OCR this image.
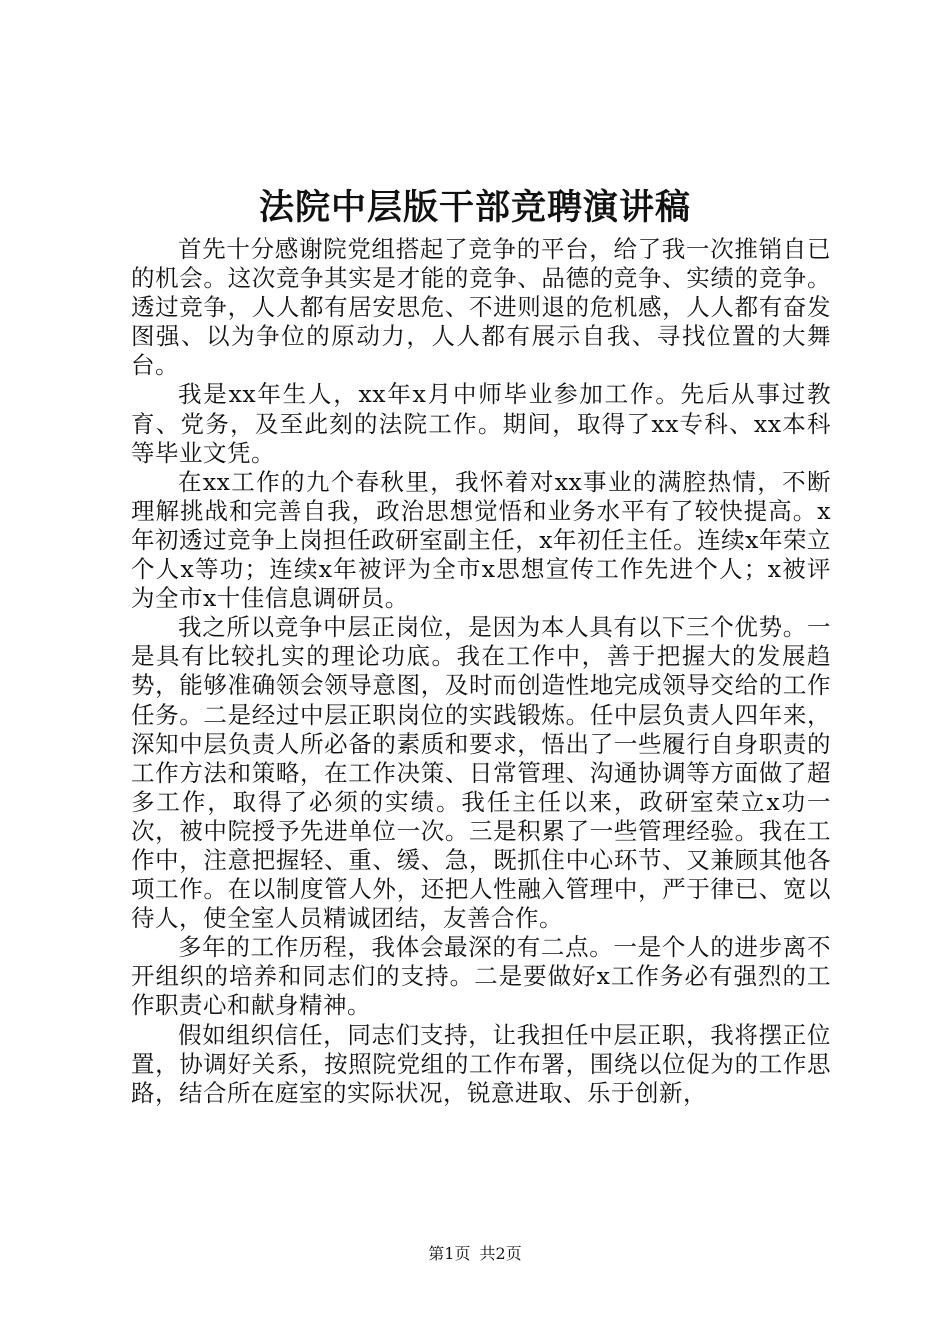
法院中层版干部竞聘演讲稿

首先十分感谢院党组搭起了竞争的平台，给了我一次推销自已的机会。这次竞争其实是才能的竞争、品德的竞争、实绩的竞争。透过竞争，人人都有居安思危、不进则退的危机感，人人都有奋发图强、以为争位的原动力，人人都有展示自我、寻找位置的大舞台。

我是xx年生人，xx年x月中师毕业参加工作。先后从事过教育、党务，及至此刻的法院工作。期间，取得了xx专科、xx本科等毕业文凭。

在xx工作的九个春秋里，我怀着对xx事业的满腔热情，不断理解挑战和完善自我，政治思想觉悟和业务水平有了较快提高。x年初透过竞争上岗担任政研室副主任，x年初任主任。连续x年荣立个人x等功；连续x年被评为全市x思想宣传工作先进个人；x被评为全市x十佳信息调研员。

我之所以竞争中层正岗位，是因为本人具有以下三个优势。一是具有比较扎实的理论功底。我在工作中，善于把握大的发展趋势，能够准确领会领导意图，及时而创造性地完成领导交给的工作任务。二是经过中层正职岗位的实践锻炼。任中层负责人四年来，深知中层负责人所必备的素质和要求，悟出了一些履行自身职责的工作方法和策略，在工作决策、日常管理、沟通协调等方面做了超多工作，取得了必须的实绩。我任主任以来，政研室荣立x功一次，被中院授予先进单位一次。三是积累了一些管理经验。我在工作中，注意把握轻、重、缓、急，既抓住中心环节、又兼顾其他各项工作。在以制度管人外，还把人性融入管理中，严于律已、宽以待人，使全室人员精诚团结，友善合作。

多年的工作历程，我体会最深的有二点。一是个人的进步离不开组织的培养和同志们的支持。二是要做好x工作务必有强烈的工作职责心和献身精神。

假如组织信任，同志们支持，让我担任中层正职，我将摆正位置，协调好关系，按照院党组的工作布署，围绕以位促为的工作思路，结合所在庭室的实际状况，锐意进取、乐于创新，

第1页 共2页
